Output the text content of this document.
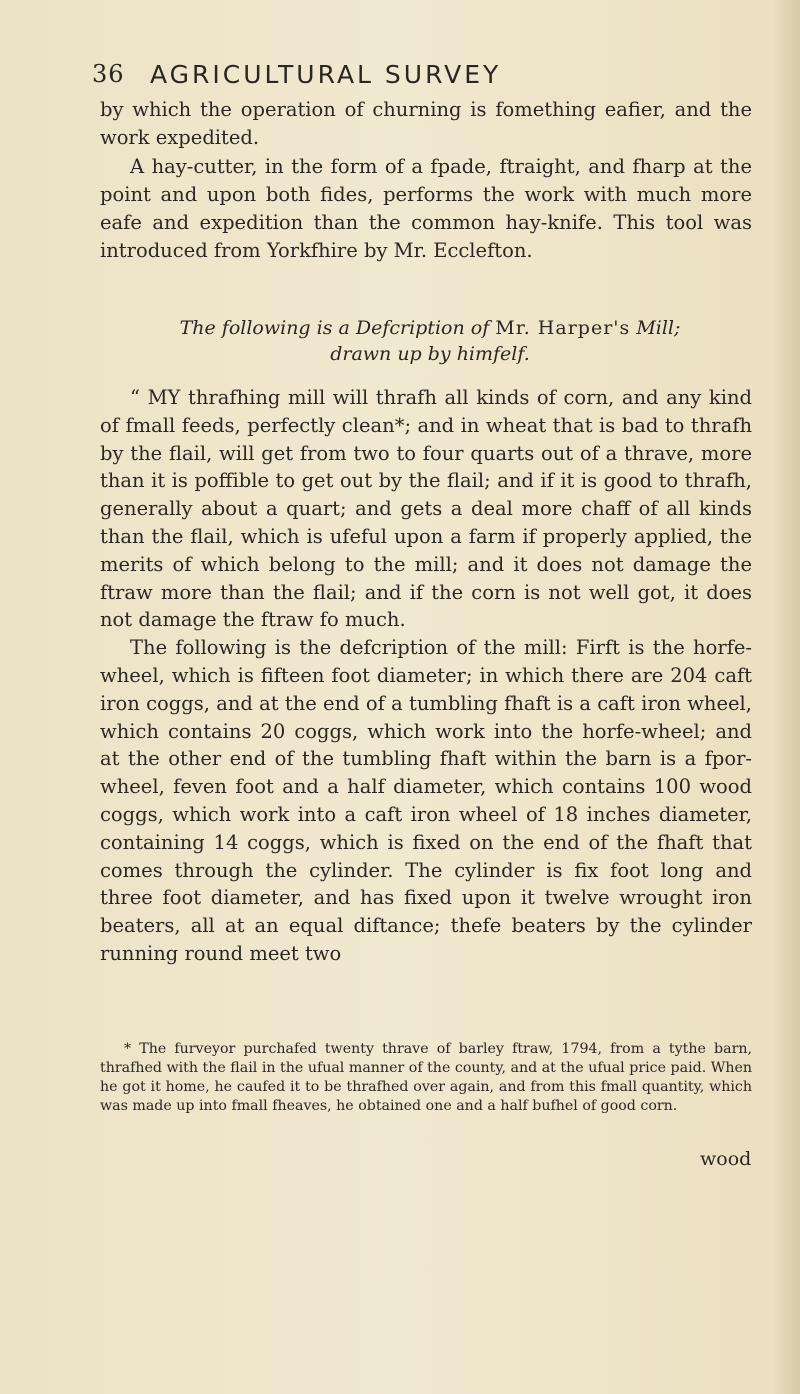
36 AGRICULTURAL SURVEY

by which the operation of churning is fomething eafier, and the work expedited.

A hay-cutter, in the form of a fpade, ftraight, and fharp at the point and upon both fides, performs the work with much more eafe and expedition than the common hay-knife. This tool was introduced from Yorkfhire by Mr. Ecclefton.

The following is a Defcription of Mr. Harper's Mill;
drawn up by himfelf.

“ MY thrafhing mill will thrafh all kinds of corn, and any kind of fmall feeds, perfectly clean*; and in wheat that is bad to thrafh by the flail, will get from two to four quarts out of a thrave, more than it is poffible to get out by the flail; and if it is good to thrafh, generally about a quart; and gets a deal more chaff of all kinds than the flail, which is ufeful upon a farm if properly applied, the merits of which belong to the mill; and it does not damage the ftraw more than the flail; and if the corn is not well got, it does not damage the ftraw fo much.

The following is the defcription of the mill: Firft is the horfe-wheel, which is fifteen foot diameter; in which there are 204 caft iron coggs, and at the end of a tumbling fhaft is a caft iron wheel, which contains 20 coggs, which work into the horfe-wheel; and at the other end of the tumbling fhaft within the barn is a fpor-wheel, feven foot and a half diameter, which contains 100 wood coggs, which work into a caft iron wheel of 18 inches diameter, containing 14 coggs, which is fixed on the end of the fhaft that comes through the cylinder. The cylinder is fix foot long and three foot diameter, and has fixed upon it twelve wrought iron beaters, all at an equal diftance; thefe beaters by the cylinder running round meet two

* The furveyor purchafed twenty thrave of barley ftraw, 1794, from a tythe barn, thrafhed with the flail in the ufual manner of the county, and at the ufual price paid. When he got it home, he caufed it to be thrafhed over again, and from this fmall quantity, which was made up into fmall fheaves, he obtained one and a half bufhel of good corn.

wood
